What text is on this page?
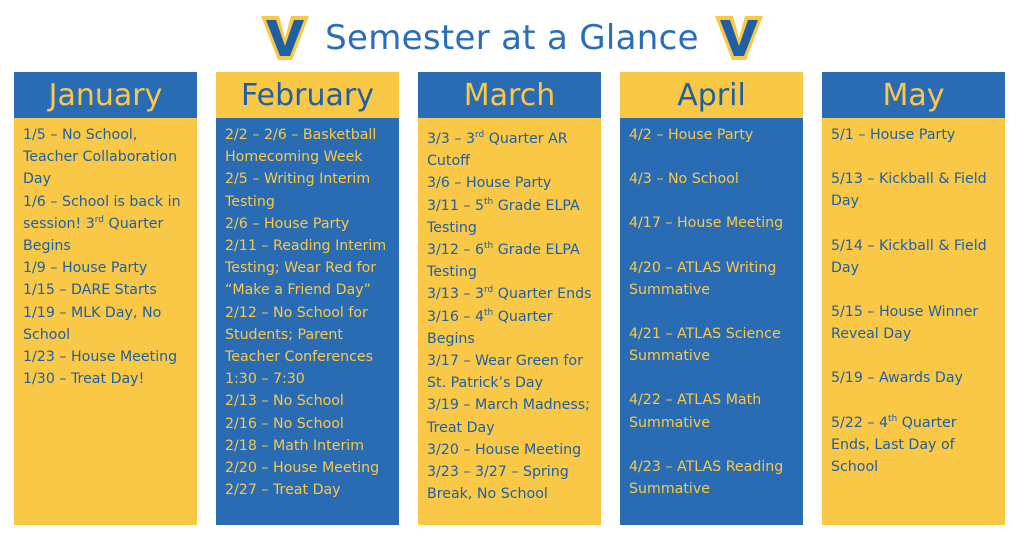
Semester at a Glance
January

1/5 – No School, Teacher Collaboration Day

1/6 – School is back in session! 3rd Quarter Begins

1/9 – House Party

1/15 – DARE Starts

1/19 – MLK Day, No School

1/23 – House Meeting

1/30 – Treat Day!

February

2/2 – 2/6 – Basketball Homecoming Week

2/5 – Writing Interim Testing

2/6 – House Party

2/11 – Reading Interim Testing; Wear Red for “Make a Friend Day”

2/12 – No School for Students; Parent Teacher Conferences 1:30 – 7:30

2/13 – No School

2/16 – No School

2/18 – Math Interim

2/20 – House Meeting

2/27 – Treat Day

March

3/3 – 3rd Quarter AR Cutoff

3/6 – House Party

3/11 – 5th Grade ELPA Testing

3/12 – 6th Grade ELPA Testing

3/13 – 3rd Quarter Ends

3/16 – 4th Quarter Begins

3/17 – Wear Green for St. Patrick’s Day

3/19 – March Madness; Treat Day

3/20 – House Meeting

3/23 – 3/27 – Spring Break, No School

April

4/2 – House Party

4/3 – No School

4/17 – House Meeting

4/20 – ATLAS Writing Summative

4/21 – ATLAS Science Summative

4/22 – ATLAS Math Summative

4/23 – ATLAS Reading Summative

May

5/1 – House Party

5/13 – Kickball & Field Day

5/14 – Kickball & Field Day

5/15 – House Winner Reveal Day

5/19 – Awards Day

5/22 – 4th Quarter Ends, Last Day of School
